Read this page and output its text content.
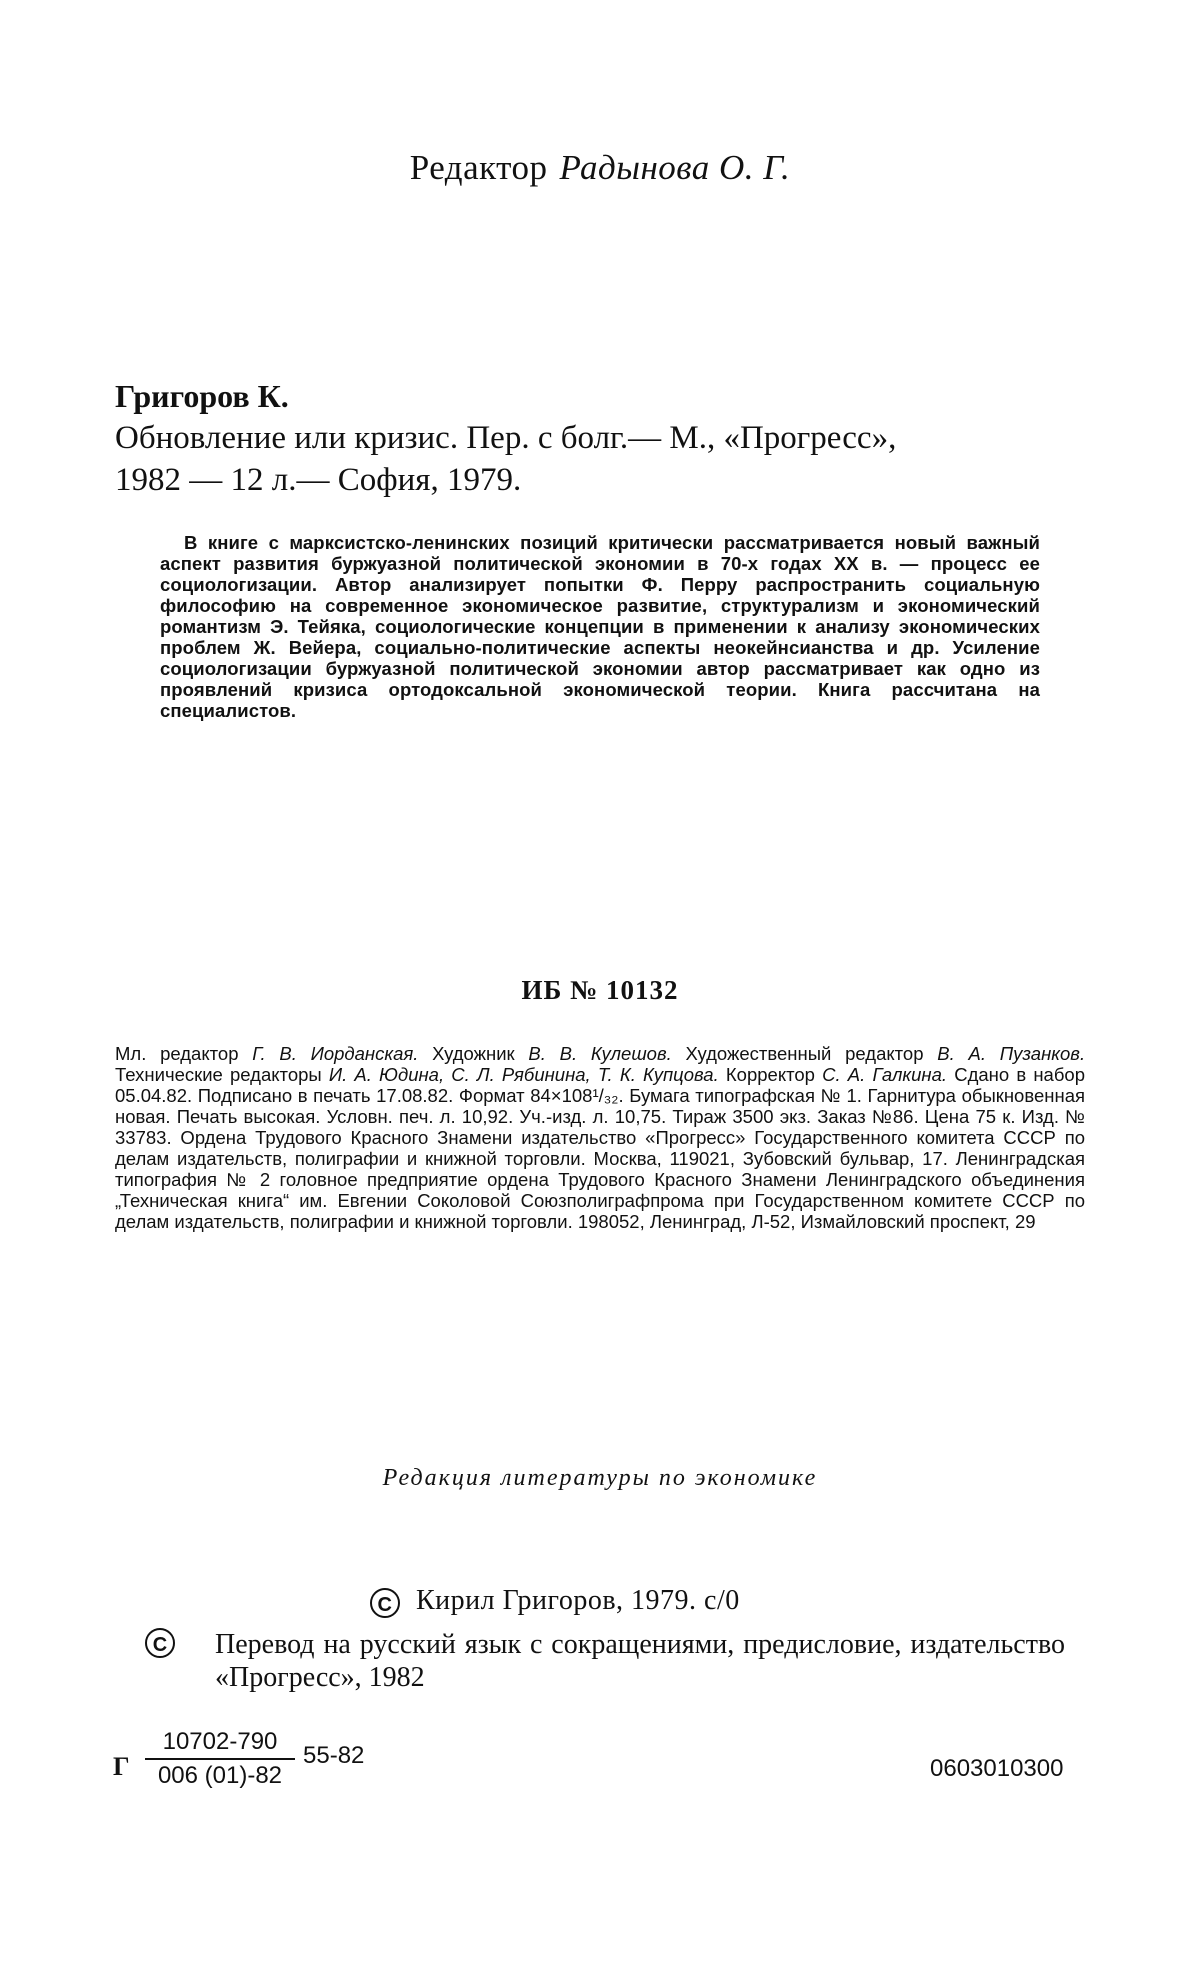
Редактор Радынова О. Г.
Григоров К.
Обновление или кризис. Пер. с болг.— М., «Прогресс»,
1982 — 12 л.— София, 1979.
В книге с марксистско-ленинских позиций критически рассматривается новый важный аспект развития буржуазной политической экономии в 70-х годах XX в. — процесс ее социологизации. Автор анализирует попытки Ф. Перру распространить социальную философию на современное экономическое развитие, структурализм и экономический романтизм Э. Тейяка, социологические концепции в применении к анализу экономических проблем Ж. Вейера, социально-политические аспекты неокейнсианства и др. Усиление социологизации буржуазной политической экономии автор рассматривает как одно из проявлений кризиса ортодоксальной экономической теории. Книга рассчитана на специалистов.
ИБ № 10132
Мл. редактор Г. В. Иорданская. Художник В. В. Кулешов. Художественный редактор В. А. Пузанков. Технические редакторы И. А. Юдина, С. Л. Рябинина, Т. К. Купцова. Корректор С. А. Галкина. Сдано в набор 05.04.82. Подписано в печать 17.08.82. Формат 84×108¹/₃₂. Бумага типографская № 1. Гарнитура обыкновенная новая. Печать высокая. Условн. печ. л. 10,92. Уч.-изд. л. 10,75. Тираж 3500 экз. Заказ №86. Цена 75 к. Изд. № 33783. Ордена Трудового Красного Знамени издательство «Прогресс» Государственного комитета СССР по делам издательств, полиграфии и книжной торговли. Москва, 119021, Зубовский бульвар, 17. Ленинградская типография № 2 головное предприятие ордена Трудового Красного Знамени Ленинградского объединения „Техническая книга“ им. Евгении Соколовой Союзполиграфпрома при Государственном комитете СССР по делам издательств, полиграфии и книжной торговли. 198052, Ленинград, Л-52, Измайловский проспект, 29
Редакция литературы по экономике
C Кирил Григоров, 1979. c/0
C Перевод на русский язык с сокращениями, предисловие, издательство «Прогресс», 1982
Г $\frac{10702-790}{006 (01)-82} 55-82$	0603010300
